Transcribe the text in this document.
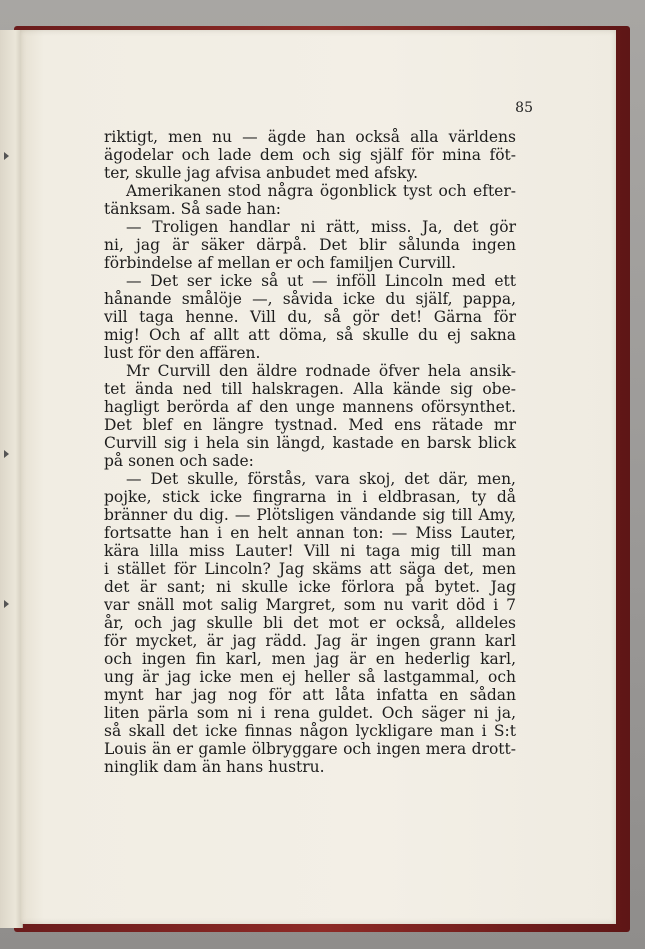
85
riktigt, men nu — ägde han också alla världens
ägodelar och lade dem och sig själf för mina föt-
ter, skulle jag afvisa anbudet med afsky.
Amerikanen stod några ögonblick tyst och efter-
tänksam. Så sade han:
— Troligen handlar ni rätt, miss. Ja, det gör
ni, jag är säker därpå. Det blir sålunda ingen
förbindelse af mellan er och familjen Curvill.
— Det ser icke så ut — inföll Lincoln med ett
hånande smålöje —, såvida icke du själf, pappa,
vill taga henne. Vill du, så gör det! Gärna för
mig! Och af allt att döma, så skulle du ej sakna
lust för den affären.
Mr Curvill den äldre rodnade öfver hela ansik-
tet ända ned till halskragen. Alla kände sig obe-
hagligt berörda af den unge mannens oförsynthet.
Det blef en längre tystnad. Med ens rätade mr
Curvill sig i hela sin längd, kastade en barsk blick
på sonen och sade:
— Det skulle, förstås, vara skoj, det där, men,
pojke, stick icke fingrarna in i eldbrasan, ty då
bränner du dig. — Plötsligen vändande sig till Amy,
fortsatte han i en helt annan ton: — Miss Lauter,
kära lilla miss Lauter! Vill ni taga mig till man
i stället för Lincoln? Jag skäms att säga det, men
det är sant; ni skulle icke förlora på bytet. Jag
var snäll mot salig Margret, som nu varit död i 7
år, och jag skulle bli det mot er också, alldeles
för mycket, är jag rädd. Jag är ingen grann karl
och ingen fin karl, men jag är en hederlig karl,
ung är jag icke men ej heller så lastgammal, och
mynt har jag nog för att låta infatta en sådan
liten pärla som ni i rena guldet. Och säger ni ja,
så skall det icke finnas någon lyckligare man i S:t
Louis än er gamle ölbryggare och ingen mera drott-
ninglik dam än hans hustru.
